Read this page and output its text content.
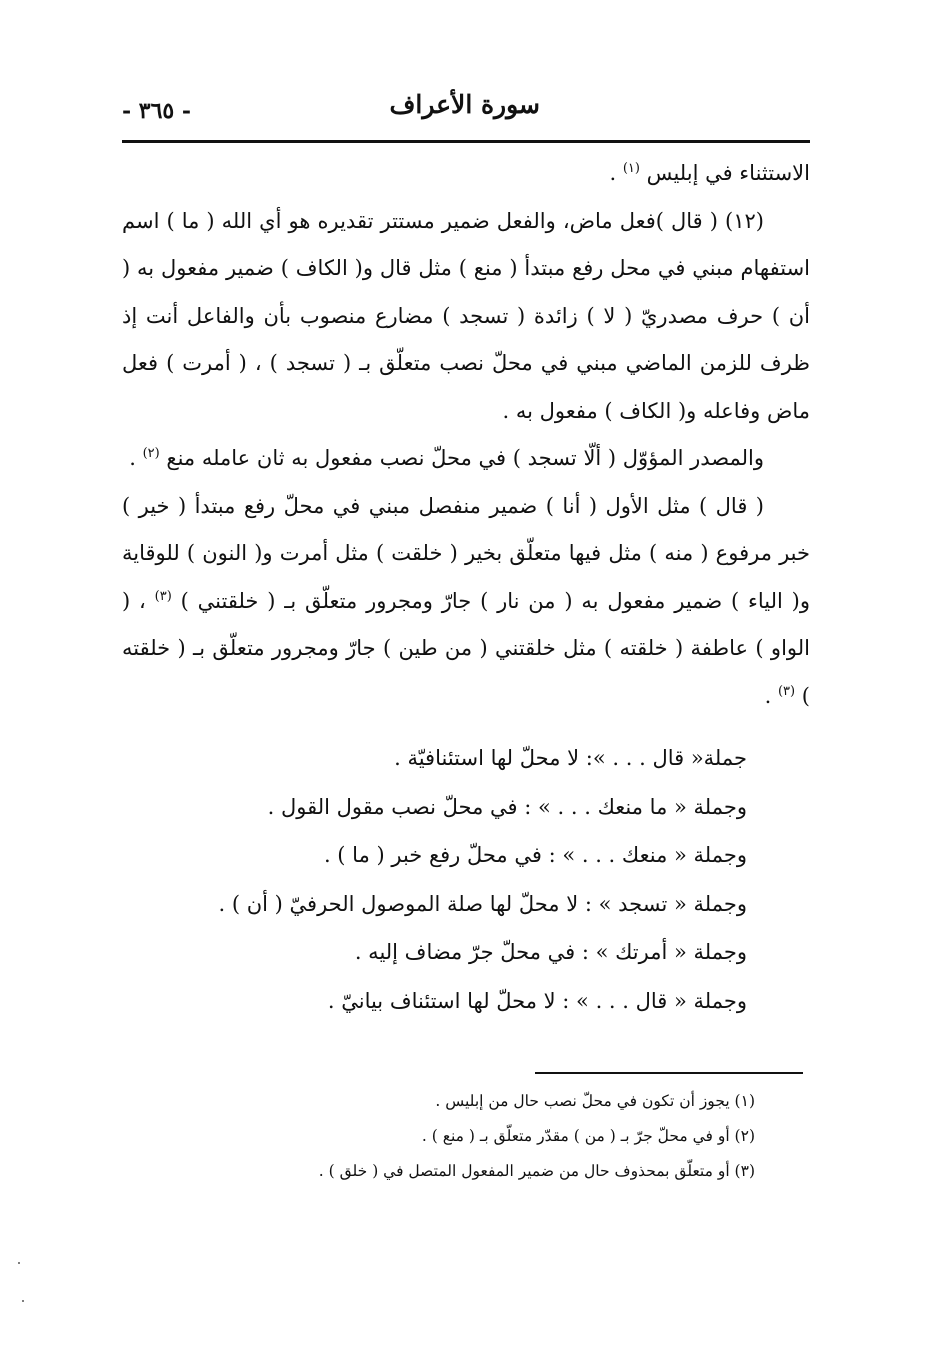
سورة الأعراف
- ٣٦٥ -

الاستثناء في إبليس $^{(١)}$ .

(١٢) ( قال )فعل ماض، والفعل ضمير مستتر تقديره هو أي الله ( ما ) اسم استفهام مبني في محل رفع مبتدأ ( منع ) مثل قال و( الكاف ) ضمير مفعول به ( أن ) حرف مصدريّ ( لا ) زائدة ( تسجد ) مضارع منصوب بأن والفاعل أنت إذ ظرف للزمن الماضي مبني في محلّ نصب متعلّق بـ ( تسجد ) ، ( أمرت ) فعل ماض وفاعله و( الكاف ) مفعول به .

والمصدر المؤوّل ( ألّا تسجد ) في محلّ نصب مفعول به ثان عامله منع $^{(٢)}$ .

( قال ) مثل الأول ( أنا ) ضمير منفصل مبني في محلّ رفع مبتدأ ( خير ) خبر مرفوع ( منه ) مثل فيها متعلّق بخير ( خلقت ) مثل أمرت و( النون ) للوقاية و( الياء ) ضمير مفعول به ( من نار ) جارّ ومجرور متعلّق بـ ( خلقتني ) $^{(٣)}$ ، ( الواو ) عاطفة ( خلقته ) مثل خلقتني ( من طين ) جارّ ومجرور متعلّق بـ ( خلقته ) $^{(٣)}$ .

جملة« قال . . . »: لا محلّ لها استئنافيّة .
وجملة « ما منعك . . . » : في محلّ نصب مقول القول .
وجملة « منعك . . . » : في محلّ رفع خبر ( ما ) .
وجملة « تسجد » : لا محلّ لها صلة الموصول الحرفيّ ( أن ) .
وجملة « أمرتك » : في محلّ جرّ مضاف إليه .
وجملة « قال . . . » : لا محلّ لها استئناف بيانيّ .
(١) يجوز أن تكون في محلّ نصب حال من إبليس .
(٢) أو في محلّ جرّ بـ ( من ) مقدّر متعلّق بـ ( منع ) .
(٣) أو متعلّق بمحذوف حال من ضمير المفعول المتصل في ( خلق ) .
